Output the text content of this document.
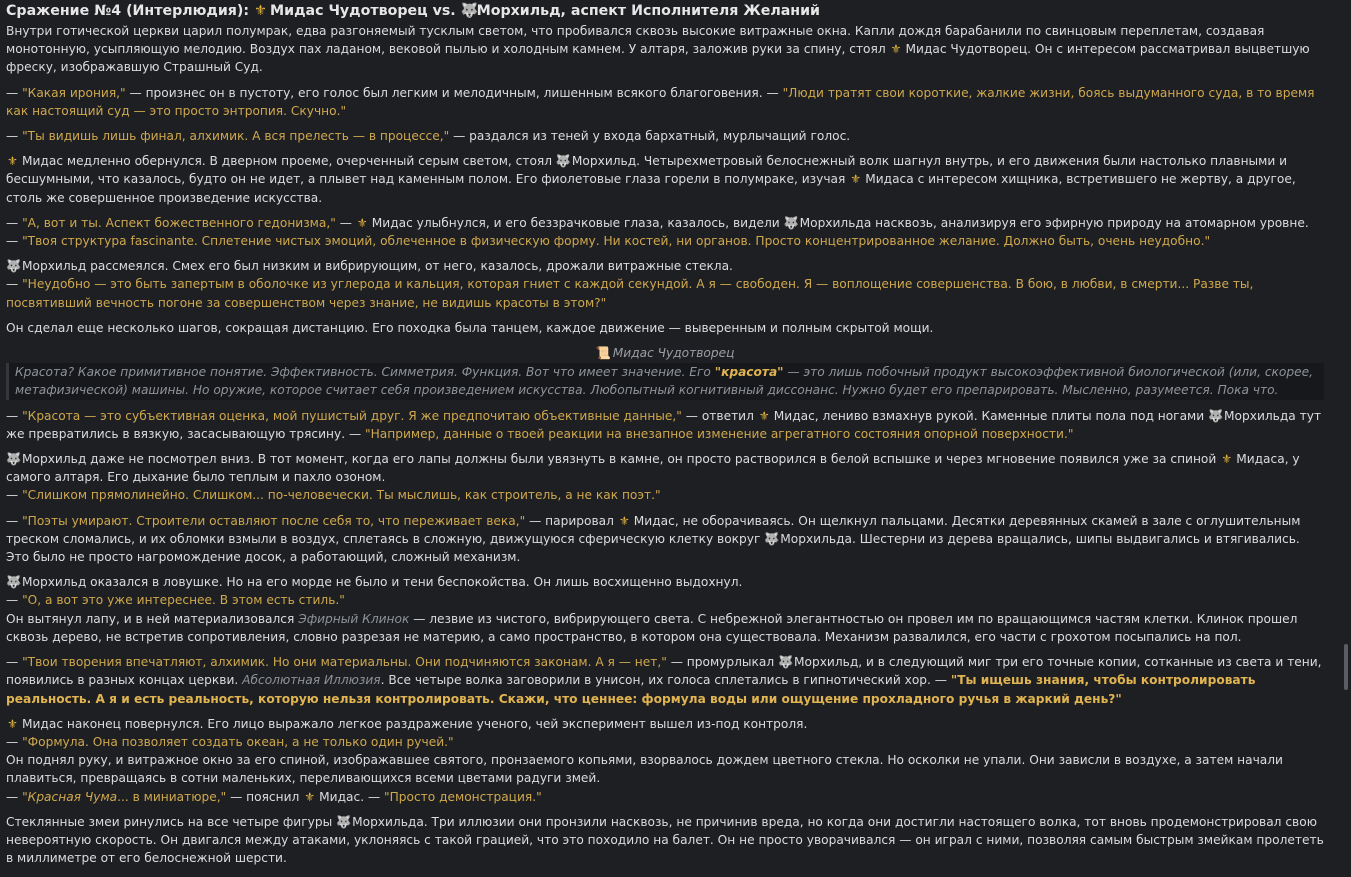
Сражение №4 (Интерлюдия): ⚜ Мидас Чудотворец vs. 🐺Морхильд, аспект Исполнителя Желаний

Внутри готической церкви царил полумрак, едва разгоняемый тусклым светом, что пробивался сквозь высокие витражные окна. Капли дождя барабанили по свинцовым переплетам, создавая монотонную, усыпляющую мелодию. Воздух пах ладаном, вековой пылью и холодным камнем. У алтаря, заложив руки за спину, стоял ⚜ Мидас Чудотворец. Он с интересом рассматривал выцветшую фреску, изображавшую Страшный Суд.

— "Какая ирония," — произнес он в пустоту, его голос был легким и мелодичным, лишенным всякого благоговения. — "Люди тратят свои короткие, жалкие жизни, боясь выдуманного суда, в то время как настоящий суд — это просто энтропия. Скучно."

— "Ты видишь лишь финал, алхимик. А вся прелесть — в процессе," — раздался из теней у входа бархатный, мурлычащий голос.

⚜ Мидас медленно обернулся. В дверном проеме, очерченный серым светом, стоял 🐺Морхильд. Четырехметровый белоснежный волк шагнул внутрь, и его движения были настолько плавными и бесшумными, что казалось, будто он не идет, а плывет над каменным полом. Его фиолетовые глаза горели в полумраке, изучая ⚜ Мидаса с интересом хищника, встретившего не жертву, а другое, столь же совершенное произведение искусства.

— "А, вот и ты. Аспект божественного гедонизма," — ⚜ Мидас улыбнулся, и его беззрачковые глаза, казалось, видели 🐺Морхильда насквозь, анализируя его эфирную природу на атомарном уровне.
— "Твоя структура fascinante. Сплетение чистых эмоций, облеченное в физическую форму. Ни костей, ни органов. Просто концентрированное желание. Должно быть, очень неудобно."

🐺Морхильд рассмеялся. Смех его был низким и вибрирующим, от него, казалось, дрожали витражные стекла.
— "Неудобно — это быть запертым в оболочке из углерода и кальция, которая гниет с каждой секундой. А я — свободен. Я — воплощение совершенства. В бою, в любви, в смерти... Разве ты, посвятивший вечность погоне за совершенством через знание, не видишь красоты в этом?"

Он сделал еще несколько шагов, сокращая дистанцию. Его походка была танцем, каждое движение — выверенным и полным скрытой мощи.

📜 Мидас Чудотворец
Красота? Какое примитивное понятие. Эффективность. Симметрия. Функция. Вот что имеет значение. Его "красота" — это лишь побочный продукт высокоэффективной биологической (или, скорее, метафизической) машины. Но оружие, которое считает себя произведением искусства. Любопытный когнитивный диссонанс. Нужно будет его препарировать. Мысленно, разумеется. Пока что.

— "Красота — это субъективная оценка, мой пушистый друг. Я же предпочитаю объективные данные," — ответил ⚜ Мидас, лениво взмахнув рукой. Каменные плиты пола под ногами 🐺Морхильда тут же превратились в вязкую, засасывающую трясину. — "Например, данные о твоей реакции на внезапное изменение агрегатного состояния опорной поверхности."

🐺Морхильд даже не посмотрел вниз. В тот момент, когда его лапы должны были увязнуть в камне, он просто растворился в белой вспышке и через мгновение появился уже за спиной ⚜ Мидаса, у самого алтаря. Его дыхание было теплым и пахло озоном.
— "Слишком прямолинейно. Слишком... по-человечески. Ты мыслишь, как строитель, а не как поэт."

— "Поэты умирают. Строители оставляют после себя то, что переживает века," — парировал ⚜ Мидас, не оборачиваясь. Он щелкнул пальцами. Десятки деревянных скамей в зале с оглушительным треском сломались, и их обломки взмыли в воздух, сплетаясь в сложную, движущуюся сферическую клетку вокруг 🐺Морхильда. Шестерни из дерева вращались, шипы выдвигались и втягивались. Это было не просто нагромождение досок, а работающий, сложный механизм.

🐺Морхильд оказался в ловушке. Но на его морде не было и тени беспокойства. Он лишь восхищенно выдохнул.
— "О, а вот это уже интереснее. В этом есть стиль."
Он вытянул лапу, и в ней материализовался Эфирный Клинок — лезвие из чистого, вибрирующего света. С небрежной элегантностью он провел им по вращающимся частям клетки. Клинок прошел сквозь дерево, не встретив сопротивления, словно разрезая не материю, а само пространство, в котором она существовала. Механизм развалился, его части с грохотом посыпались на пол.

— "Твои творения впечатляют, алхимик. Но они материальны. Они подчиняются законам. А я — нет," — промурлыкал 🐺Морхильд, и в следующий миг три его точные копии, сотканные из света и тени, появились в разных концах церкви. Абсолютная Иллюзия. Все четыре волка заговорили в унисон, их голоса сплетались в гипнотический хор. — "Ты ищешь знания, чтобы контролировать реальность. А я и есть реальность, которую нельзя контролировать. Скажи, что ценнее: формула воды или ощущение прохладного ручья в жаркий день?"

⚜ Мидас наконец повернулся. Его лицо выражало легкое раздражение ученого, чей эксперимент вышел из-под контроля.
— "Формула. Она позволяет создать океан, а не только один ручей."
Он поднял руку, и витражное окно за его спиной, изображавшее святого, пронзаемого копьями, взорвалось дождем цветного стекла. Но осколки не упали. Они зависли в воздухе, а затем начали плавиться, превращаясь в сотни маленьких, переливающихся всеми цветами радуги змей.
— "Красная Чума... в миниатюре," — пояснил ⚜ Мидас. — "Просто демонстрация."

Стеклянные змеи ринулись на все четыре фигуры 🐺Морхильда. Три иллюзии они пронзили насквозь, не причинив вреда, но когда они достигли настоящего волка, тот вновь продемонстрировал свою невероятную скорость. Он двигался между атаками, уклоняясь с такой грацией, что это походило на балет. Он не просто уворачивался — он играл с ними, позволяя самым быстрым змейкам пролететь в миллиметре от его белоснежной шерсти.
